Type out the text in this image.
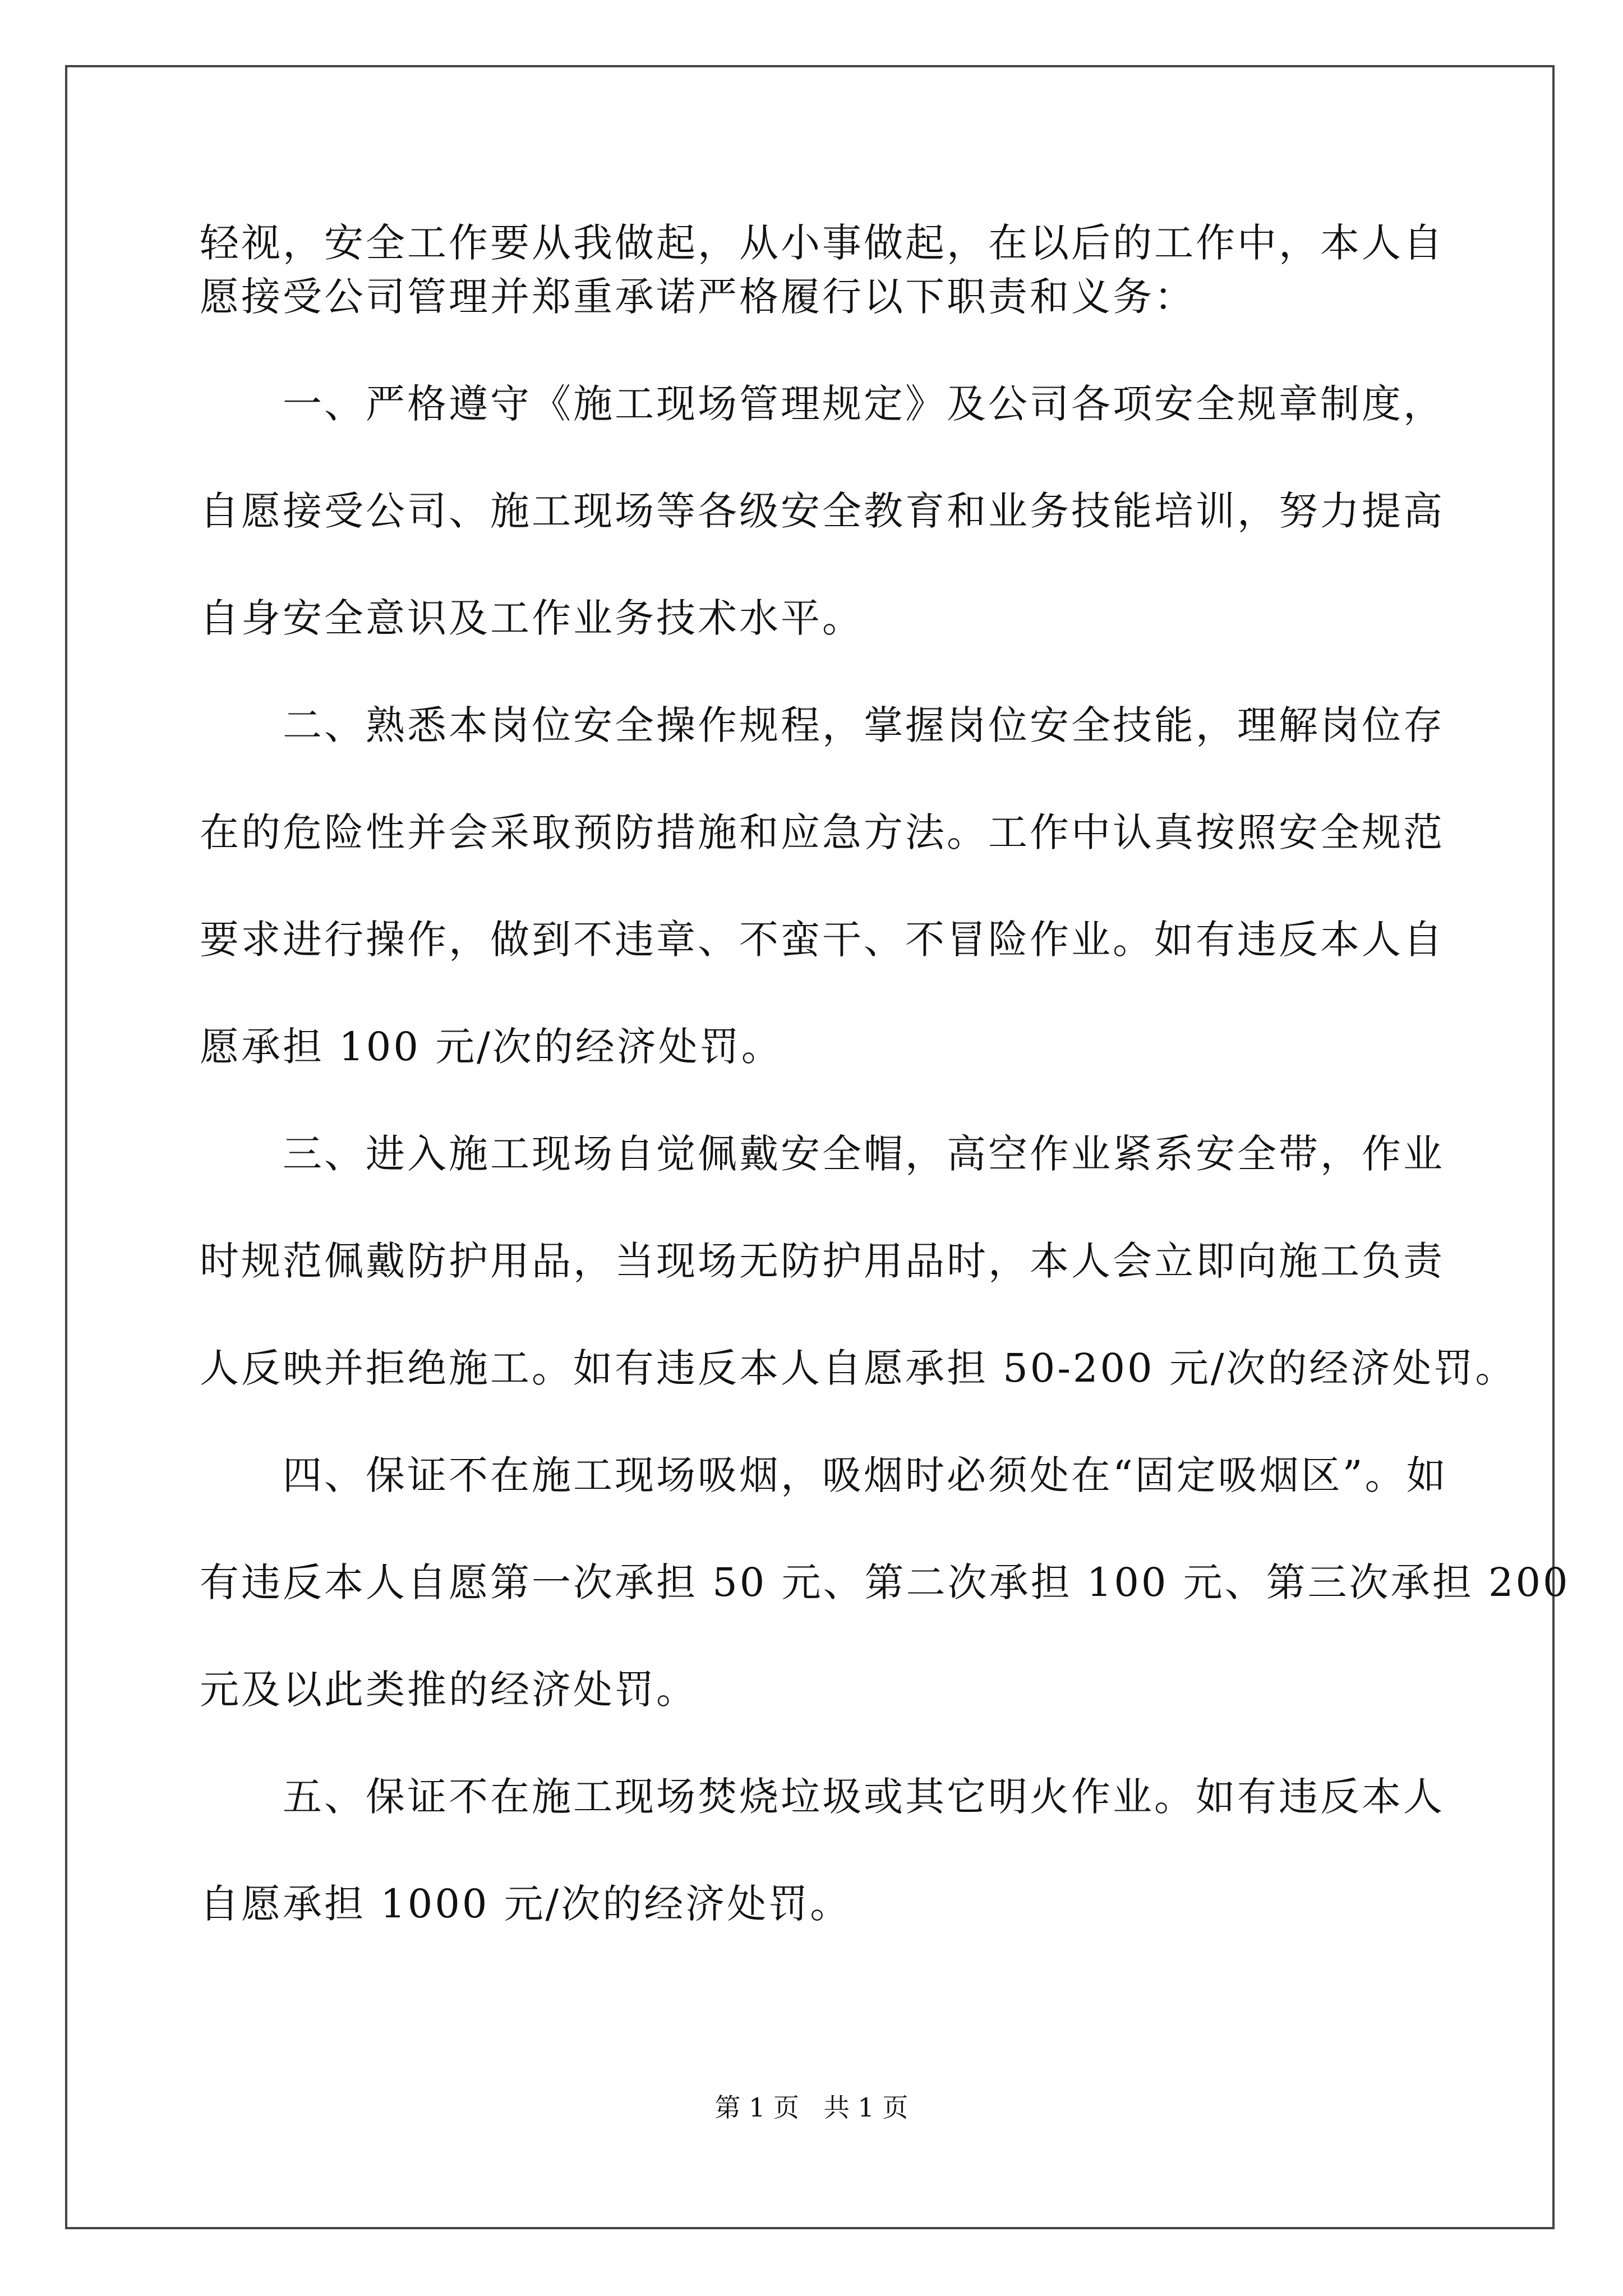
轻视，安全工作要从我做起，从小事做起，在以后的工作中，本人自
愿接受公司管理并郑重承诺严格履行以下职责和义务：
一、严格遵守《施工现场管理规定》及公司各项安全规章制度，
自愿接受公司、施工现场等各级安全教育和业务技能培训，努力提高
自身安全意识及工作业务技术水平。
二、熟悉本岗位安全操作规程，掌握岗位安全技能，理解岗位存
在的危险性并会采取预防措施和应急方法。工作中认真按照安全规范
要求进行操作，做到不违章、不蛮干、不冒险作业。如有违反本人自
愿承担 100 元/次的经济处罚。
三、进入施工现场自觉佩戴安全帽，高空作业紧系安全带，作业
时规范佩戴防护用品，当现场无防护用品时，本人会立即向施工负责
人反映并拒绝施工。如有违反本人自愿承担 50-200 元/次的经济处罚。
四、保证不在施工现场吸烟，吸烟时必须处在“固定吸烟区”。如
有违反本人自愿第一次承担 50 元、第二次承担 100 元、第三次承担 200
元及以此类推的经济处罚。
五、保证不在施工现场焚烧垃圾或其它明火作业。如有违反本人
自愿承担 1000 元/次的经济处罚。
第 1 页   共 1 页
